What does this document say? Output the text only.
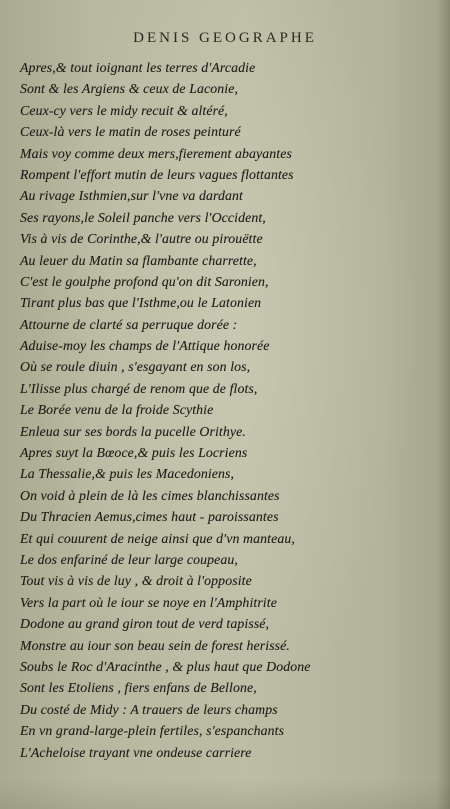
DENIS GEOGRAPHE
Apres,& tout ioignant les terres d'Arcadie
Sont & les Argiens & ceux de Laconie,
Ceux-cy vers le midy recuit & altéré,
Ceux-là vers le matin de roses peinturé
Mais voy comme deux mers,fierement abayantes
Rompent l'effort mutin de leurs vagues flottantes
Au rivage Isthmien,sur l'vne va dardant
Ses rayons,le Soleil panche vers l'Occident,
Vis à vis de Corinthe,& l'autre ou pirouëtte
Au leuer du Matin sa flambante charrette,
C'est le goulphe profond qu'on dit Saronien,
Tirant plus bas que l'Isthme,ou le Latonien
Attourne de clarté sa perruque dorée :
Aduise-moy les champs de l'Attique honorée
Où se roule diuin , s'esgayant en son los,
L'Ilisse plus chargé de renom que de flots,
Le Borée venu de la froide Scythie
Enleua sur ses bords la pucelle Orithye.
Apres suyt la Bœoce,& puis les Locriens
La Thessalie,& puis les Macedoniens,
On void à plein de là les cimes blanchissantes
Du Thracien Aemus,cimes haut - paroissantes
Et qui couurent de neige ainsi que d'vn manteau,
Le dos enfariné de leur large coupeau,
Tout vis à vis de luy , & droit à l'opposite
Vers la part où le iour se noye en l'Amphitrite
Dodone au grand giron tout de verd tapissé,
Monstre au iour son beau sein de forest herissé.
Soubs le Roc d'Aracinthe , & plus haut que Dodone
Sont les Etoliens , fiers enfans de Bellone,
Du costé de Midy : A trauers de leurs champs
En vn grand-large-plein fertiles, s'espanchants
L'Acheloise trayant vne ondeuse carriere
